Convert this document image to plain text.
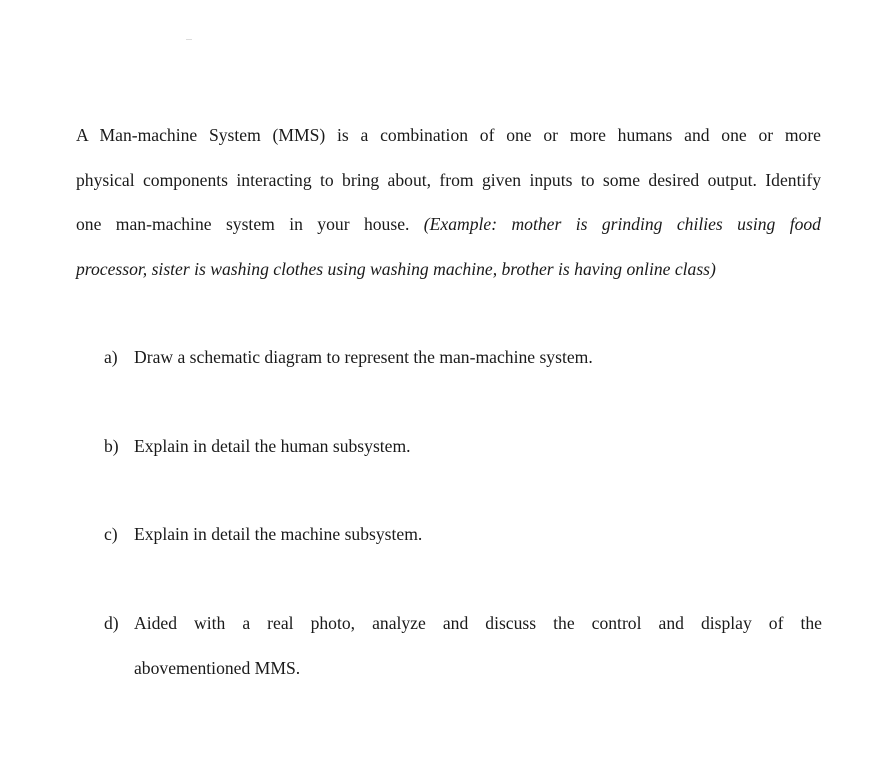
A Man-machine System (MMS) is a combination of one or more humans and one or more
physical components interacting to bring about, from given inputs to some desired output. Identify
one man-machine system in your house. (Example: mother is grinding chilies using food
processor, sister is washing clothes using washing machine, brother is having online class)
a) Draw a schematic diagram to represent the man-machine system.
b) Explain in detail the human subsystem.
c) Explain in detail the machine subsystem.
d) Aided with a real photo, analyze and discuss the control and display of the
abovementioned MMS.
